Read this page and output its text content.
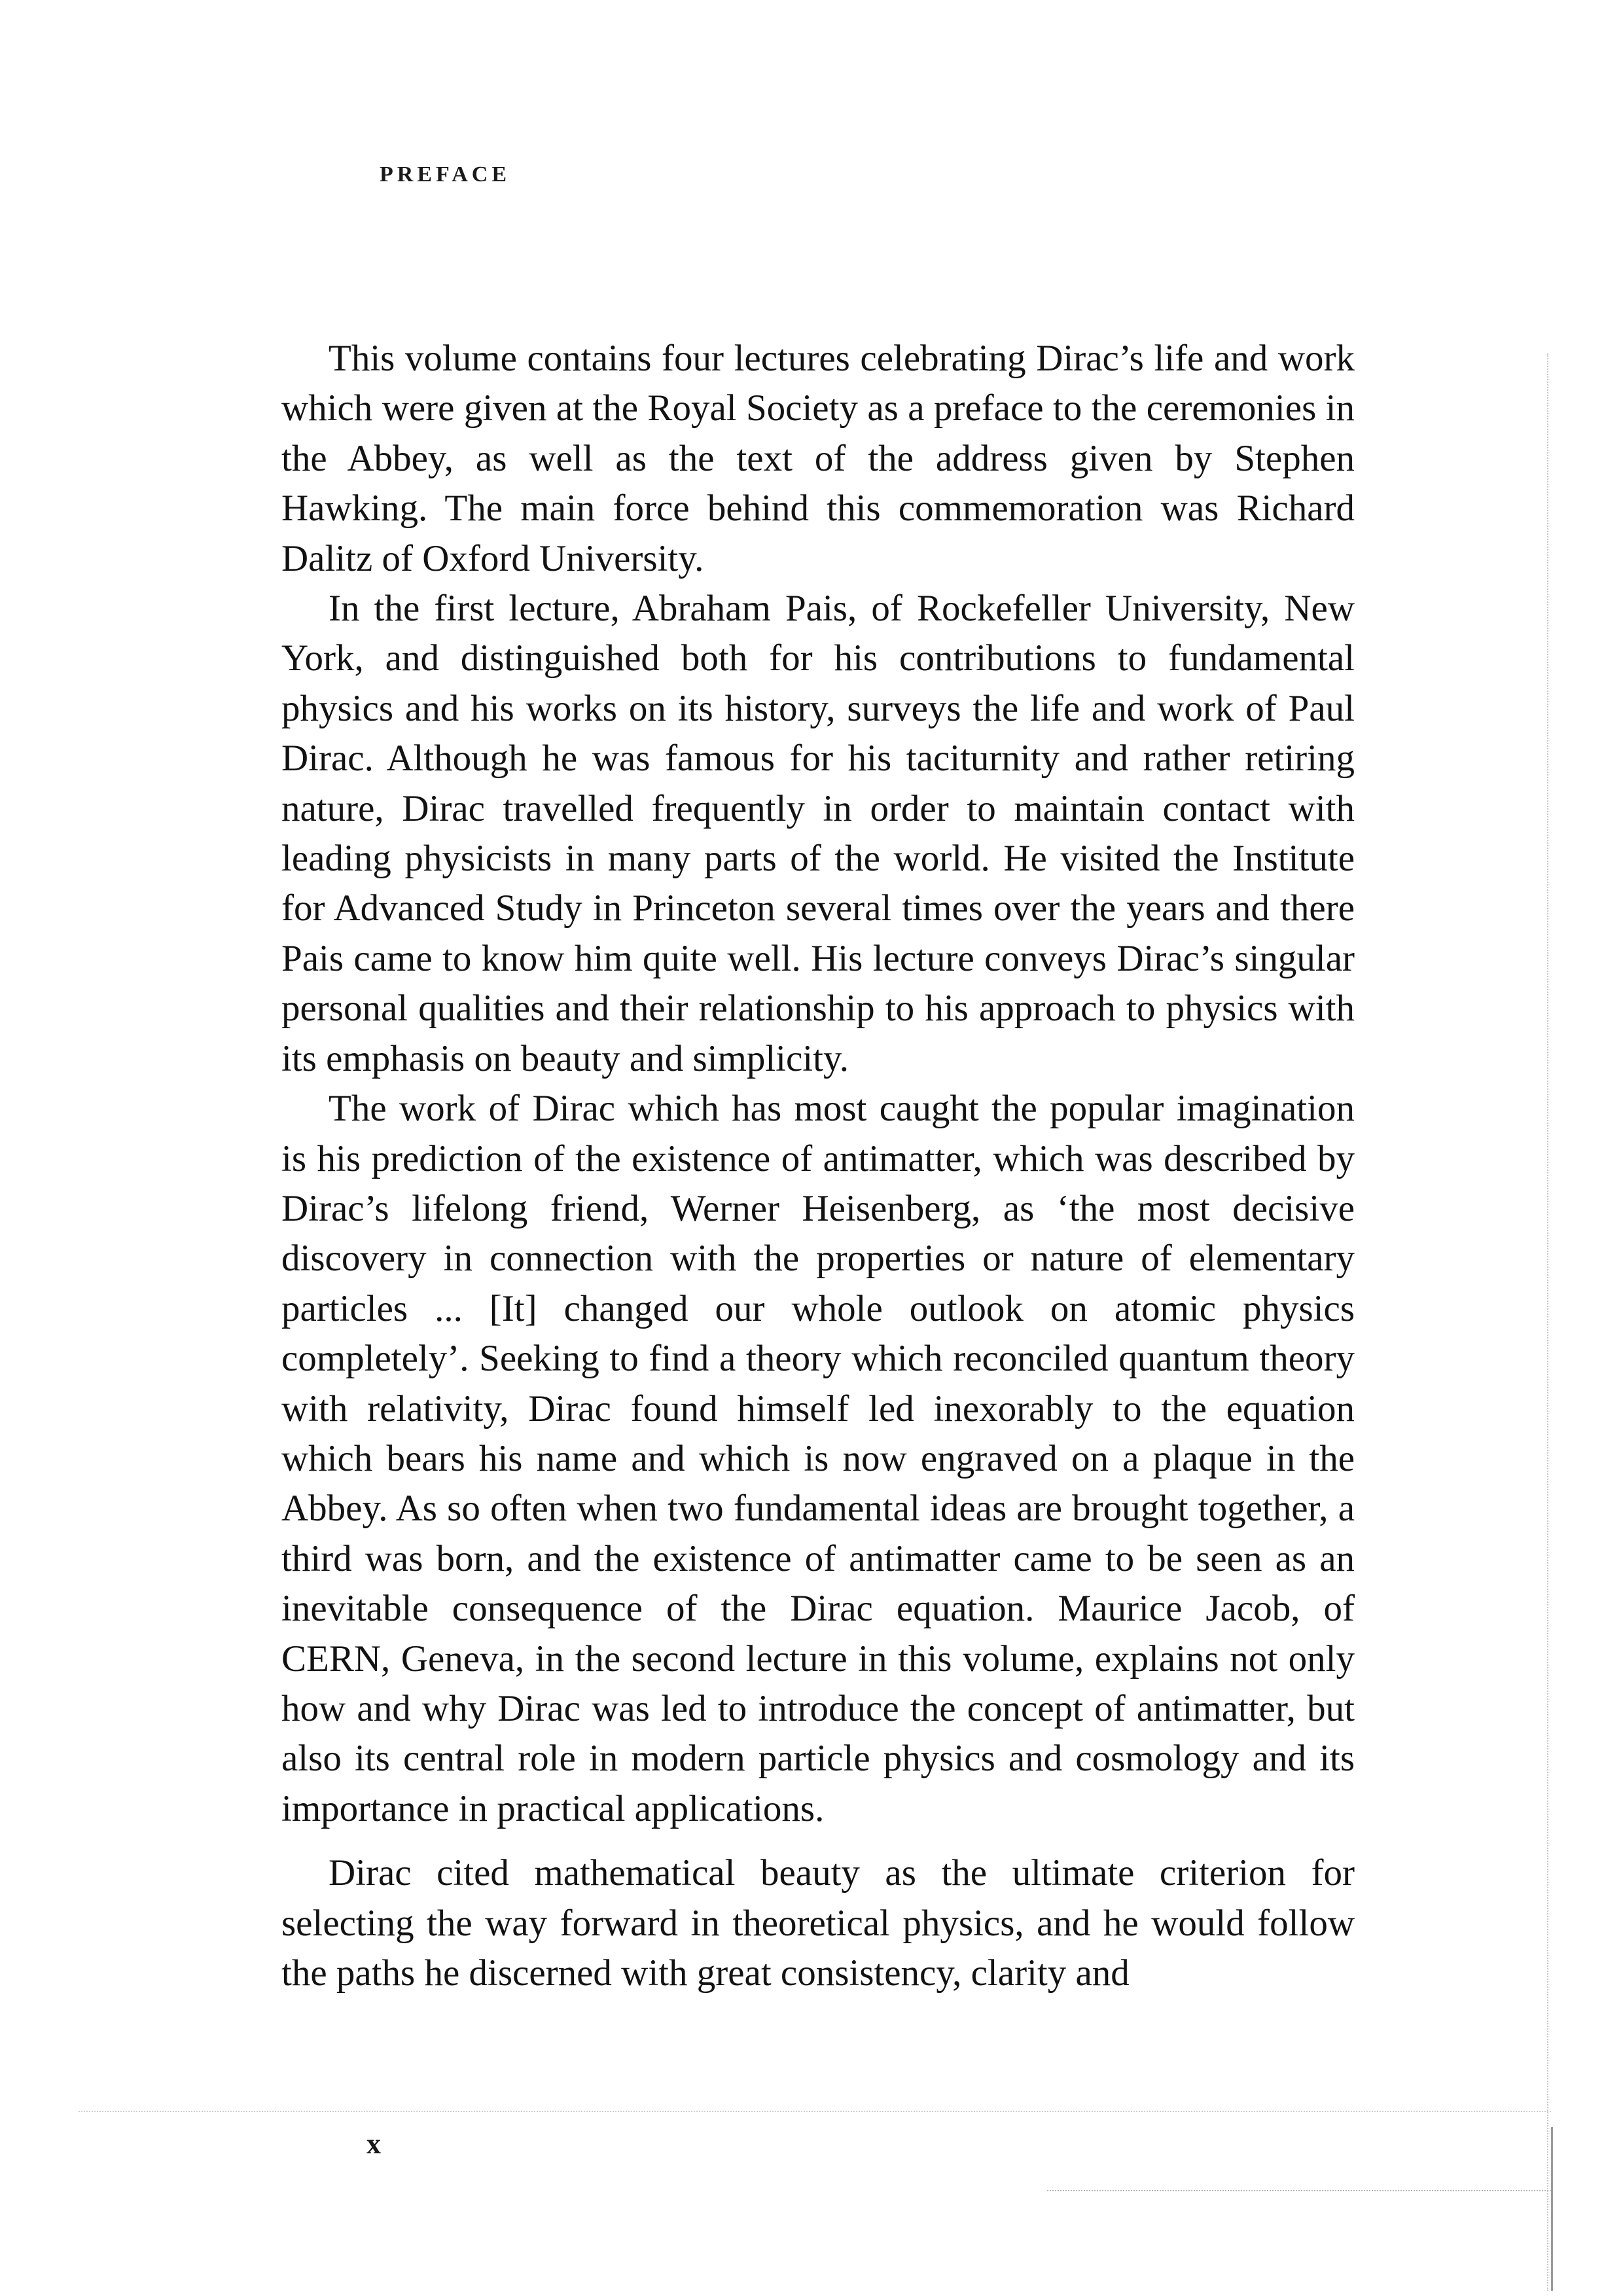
PREFACE

This volume contains four lectures celebrating Dirac’s life and work which were given at the Royal Society as a preface to the ceremonies in the Abbey, as well as the text of the address given by Stephen Hawking. The main force behind this commemoration was Richard Dalitz of Oxford University.

In the first lecture, Abraham Pais, of Rockefeller University, New York, and distinguished both for his contributions to fundamental physics and his works on its history, surveys the life and work of Paul Dirac. Although he was famous for his taciturnity and rather retiring nature, Dirac travelled frequently in order to maintain contact with leading physicists in many parts of the world. He visited the Institute for Advanced Study in Princeton several times over the years and there Pais came to know him quite well. His lecture conveys Dirac’s singular personal qualities and their relationship to his approach to physics with its emphasis on beauty and simplicity.

The work of Dirac which has most caught the popular imagination is his prediction of the existence of antimatter, which was described by Dirac’s lifelong friend, Werner Heisenberg, as ‘the most decisive discovery in connection with the properties or nature of elementary particles ... [It] changed our whole outlook on atomic physics completely’. Seeking to find a theory which reconciled quantum theory with relativity, Dirac found himself led inexorably to the equation which bears his name and which is now engraved on a plaque in the Abbey. As so often when two fundamental ideas are brought together, a third was born, and the existence of antimatter came to be seen as an inevitable consequence of the Dirac equation. Maurice Jacob, of CERN, Geneva, in the second lecture in this volume, explains not only how and why Dirac was led to introduce the concept of antimatter, but also its central role in modern particle physics and cosmology and its importance in practical applications.

Dirac cited mathematical beauty as the ultimate criterion for selecting the way forward in theoretical physics, and he would follow the paths he discerned with great consistency, clarity and

x
